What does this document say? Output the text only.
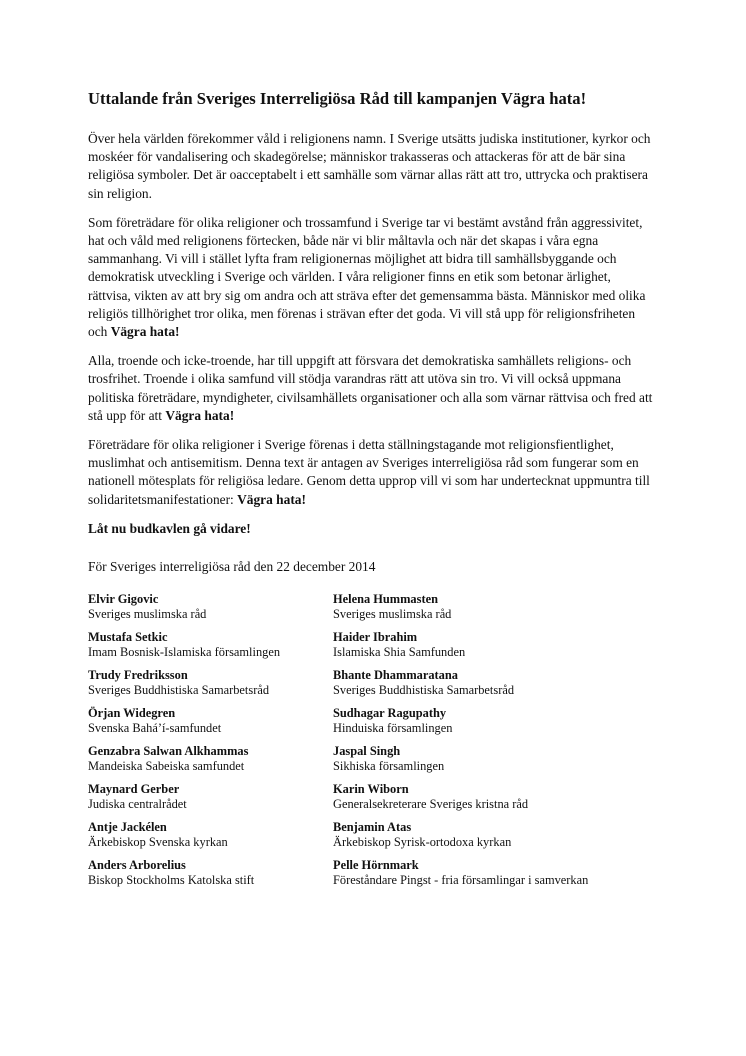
Uttalande från Sveriges Interreligiösa Råd till kampanjen Vägra hata!

Över hela världen förekommer våld i religionens namn. I Sverige utsätts judiska institutioner, kyrkor och moskéer för vandalisering och skadegörelse; människor trakasseras och attackeras för att de bär sina religiösa symboler. Det är oacceptabelt i ett samhälle som värnar allas rätt att tro, uttrycka och praktisera sin religion.

Som företrädare för olika religioner och trossamfund i Sverige tar vi bestämt avstånd från aggressivitet, hat och våld med religionens förtecken, både när vi blir måltavla och när det skapas i våra egna sammanhang. Vi vill i stället lyfta fram religionernas möjlighet att bidra till samhällsbyggande och demokratisk utveckling i Sverige och världen. I våra religioner finns en etik som betonar ärlighet, rättvisa, vikten av att bry sig om andra och att sträva efter det gemensamma bästa. Människor med olika religiös tillhörighet tror olika, men förenas i strävan efter det goda. Vi vill stå upp för religionsfriheten och Vägra hata!

Alla, troende och icke-troende, har till uppgift att försvara det demokratiska samhällets religions- och trosfrihet. Troende i olika samfund vill stödja varandras rätt att utöva sin tro. Vi vill också uppmana politiska företrädare, myndigheter, civilsamhällets organisationer och alla som värnar rättvisa och fred att stå upp för att Vägra hata!

Företrädare för olika religioner i Sverige förenas i detta ställningstagande mot religionsfientlighet, muslimhat och antisemitism. Denna text är antagen av Sveriges interreligiösa råd som fungerar som en nationell mötesplats för religiösa ledare. Genom detta upprop vill vi som har undertecknat uppmuntra till solidaritetsmanifestationer: Vägra hata!

Låt nu budkavlen gå vidare!

För Sveriges interreligiösa råd den 22 december 2014

Elvir Gigovic
Sveriges muslimska råd
Helena Hummasten
Sveriges muslimska råd
Mustafa Setkic
Imam Bosnisk-Islamiska församlingen
Haider Ibrahim
Islamiska Shia Samfunden
Trudy Fredriksson
Sveriges Buddhistiska Samarbetsråd
Bhante Dhammaratana
Sveriges Buddhistiska Samarbetsråd
Örjan Widegren
Svenska Bahá’í-samfundet
Sudhagar Ragupathy
Hinduiska församlingen
Genzabra Salwan Alkhammas
Mandeiska Sabeiska samfundet
Jaspal Singh
Sikhiska församlingen
Maynard Gerber
Judiska centralrådet
Karin Wiborn
Generalsekreterare Sveriges kristna råd
Antje Jackélen
Ärkebiskop Svenska kyrkan
Benjamin Atas
Ärkebiskop Syrisk-ortodoxa kyrkan
Anders Arborelius
Biskop Stockholms Katolska stift
Pelle Hörnmark
Föreståndare Pingst - fria församlingar i samverkan
